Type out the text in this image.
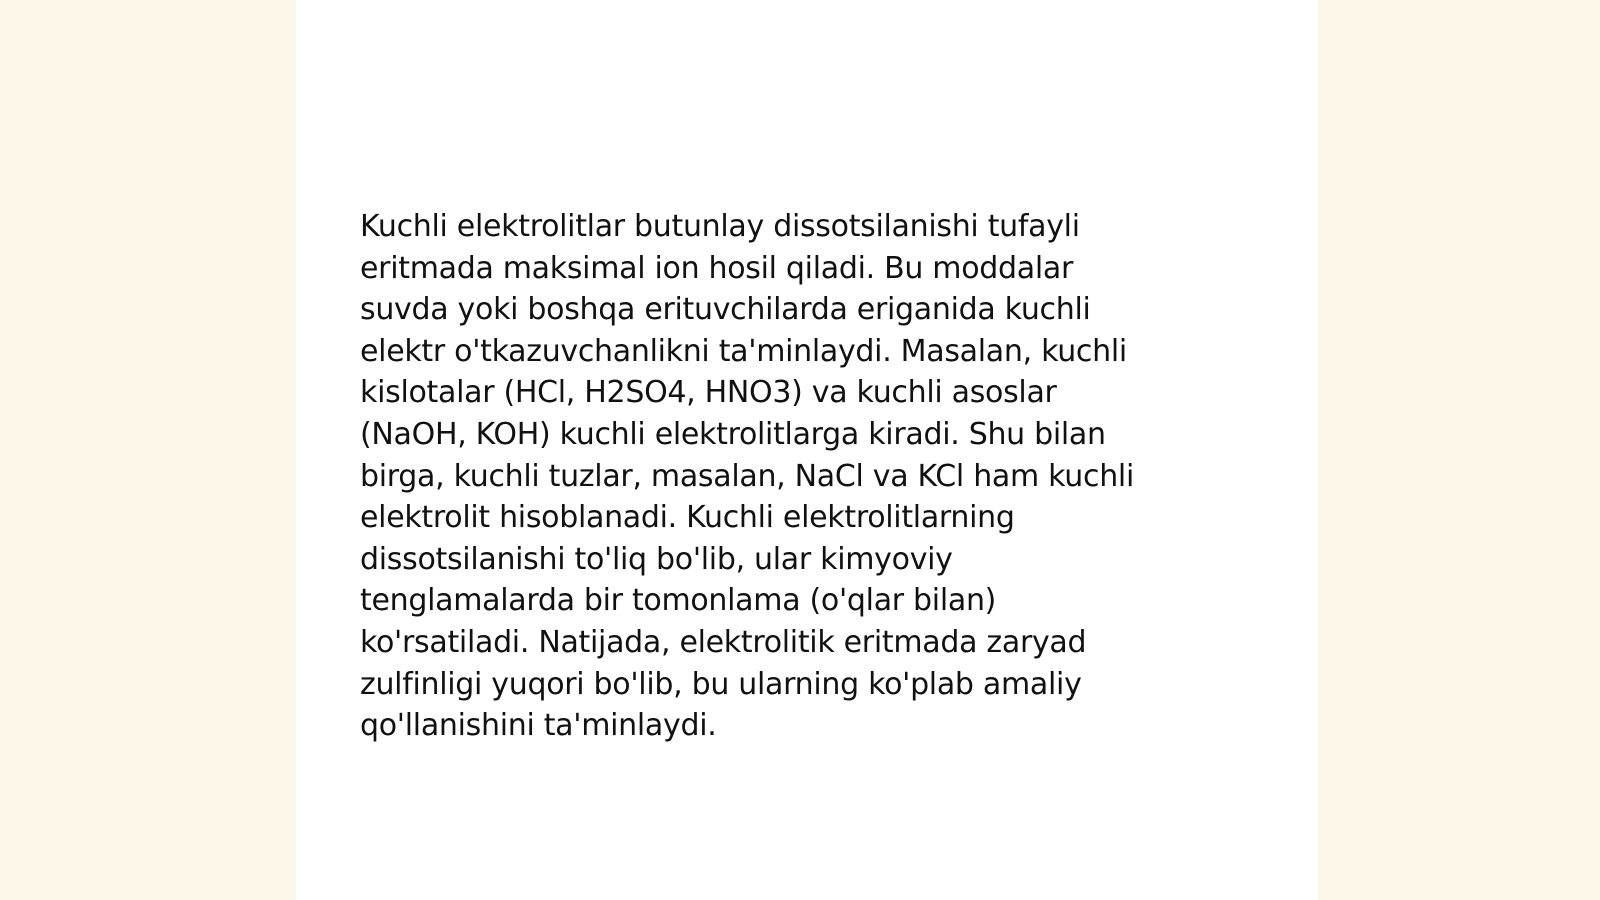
Kuchli elektrolitlar butunlay dissotsilanishi tufayli
eritmada maksimal ion hosil qiladi. Bu moddalar
suvda yoki boshqa erituvchilarda eriganida kuchli
elektr o'tkazuvchanlikni ta'minlaydi. Masalan, kuchli
kislotalar (HCl, H2SO4, HNO3) va kuchli asoslar
(NaOH, KOH) kuchli elektrolitlarga kiradi. Shu bilan
birga, kuchli tuzlar, masalan, NaCl va KCl ham kuchli
elektrolit hisoblanadi. Kuchli elektrolitlarning
dissotsilanishi to'liq bo'lib, ular kimyoviy
tenglamalarda bir tomonlama (o'qlar bilan)
ko'rsatiladi. Natijada, elektrolitik eritmada zaryad
zulfinligi yuqori bo'lib, bu ularning ko'plab amaliy
qo'llanishini ta'minlaydi.
